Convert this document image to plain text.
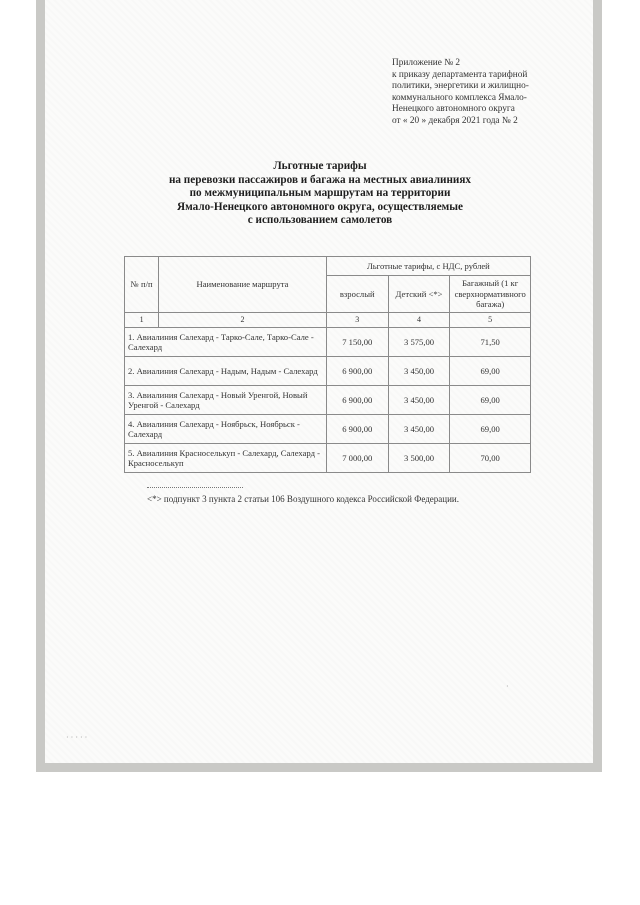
Приложение № 2
к приказу департамента тарифной
политики, энергетики и жилищно-
коммунального комплекса Ямало-
Ненецкого автономного округа
от « 20 » декабря 2021 года № 2
Льготные тарифы
на перевозки пассажиров и багажа на местных авиалиниях
по межмуниципальным маршрутам на территории
Ямало-Ненецкого автономного округа, осуществляемые
с использованием самолетов
№ п/п	Наименование маршрута	Льготные тарифы, с НДС, рублей		
		взрослый	Детский <*>	Багажный (1 кг сверхнормативного багажа)
1	2	3	4	5
1. Авиалиния Салехард - Тарко-Сале, Тарко-Сале - Салехард		7 150,00	3 575,00	71,50
2. Авиалиния Салехард - Надым, Надым - Салехард		6 900,00	3 450,00	69,00
3. Авиалиния Салехард - Новый Уренгой, Новый Уренгой - Салехард		6 900,00	3 450,00	69,00
4. Авиалиния Салехард - Ноябрьск, Ноябрьск - Салехард		6 900,00	3 450,00	69,00
5. Авиалиния Красноселькуп - Салехард, Салехард - Красноселькуп		7 000,00	3 500,00	70,00
<*> подпункт 3 пункта 2 статьи 106 Воздушного кодекса Российской Федерации.
· · · · ·
·
